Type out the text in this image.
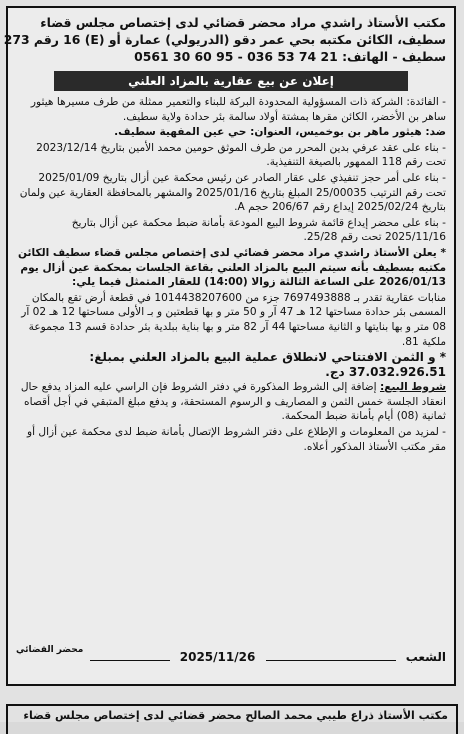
مكتب الأستاذ راشدي مراد محضر قضائي لدى إختصاص مجلس قضاء
سطيف، الكائن مكتبه بحي عمر دقو (الدريولي) عمارة أو (E) 16 رقم 273
سطيف - الهاتف: 21 74 53 036 - 95 60 30 0561
إعلان عن بيع عقارية بالمزاد العلني

- الفائدة: الشركة ذات المسؤولية المحدودة البركة للبناء والتعمير ممثلة من طرف مسيرها هيثور ساهر بن الأخضر، الكائن مقرها بمشتة أولاد سالمة بئر حدادة ولاية سطيف.

ضد: هيثور ماهر بن بوخميس، العنوان: حي عين المفهية سطيف.

- بناء على عقد عرفي بدين المحرر من طرف الموثق حومين محمد الأمين بتاريخ 2023/12/14 تحت رقم 118 الممهور بالصيغة التنفيذية.

- بناء على أمر حجز تنفيذي على عقار الصادر عن رئيس محكمة عين أزال بتاريخ 2025/01/09 تحت رقم الترتيب 25/00035 المبلغ بتاريخ 2025/01/16 والمشهر بالمحافظة العقارية عين ولمان بتاريخ 2025/02/24 إيداع رقم 206/67 حجم A.

- بناء على محضر إيداع قائمة شروط البيع المودعة بأمانة ضبط محكمة عين أزال بتاريخ 2025/11/16 تحت رقم 25/28.

* يعلن الأستاذ راشدي مراد محضر قضائي لدى إختصاص مجلس قضاء سطيف الكائن مكتبه بسطيف بأنه سيتم البيع بالمزاد العلني بقاعة الجلسات بمحكمة عين أزال يوم 2026/01/13 على الساعة الثالثة زوالا (14:00) للعقار المتمثل فيما يلي:

منابات عقارية تقدر بـ 7697493888 جزء من 1014438207600 في قطعة أرض تقع بالمكان المسمى بئر حدادة مساحتها 12 هـ 47 آر و 50 متر و بها قطعتين و بـ الأولى مساحتها 12 هـ 02 آر 08 متر و بها بنايتها و الثانية مساحتها 44 آر 82 متر و بها بناية ببلدية بئر حدادة قسم 13 مجموعة ملكية 81.

* و الثمن الافتتاحي لانطلاق عملية البيع بالمزاد العلني بمبلغ: 37.032.926.51 دج.

شروط البيع: إضافة إلى الشروط المذكورة في دفتر الشروط فإن الراسي عليه المزاد يدفع حال انعقاد الجلسة خمس الثمن و المصاريف و الرسوم المستحقة، و يدفع مبلغ المتبقي في أجل أقصاه ثمانية (08) أيام بأمانة ضبط المحكمة.

- لمزيد من المعلومات و الإطلاع على دفتر الشروط الإتصال بأمانة ضبط لدى محكمة عين أزال أو مقر مكتب الأستاذ المذكور أعلاه.

محضر القضائي	الشعب  2025/11/26
مكتب الأستاذ ذراع طيبي محمد الصالح محضر قضائي لدى إختصاص مجلس قضاء
